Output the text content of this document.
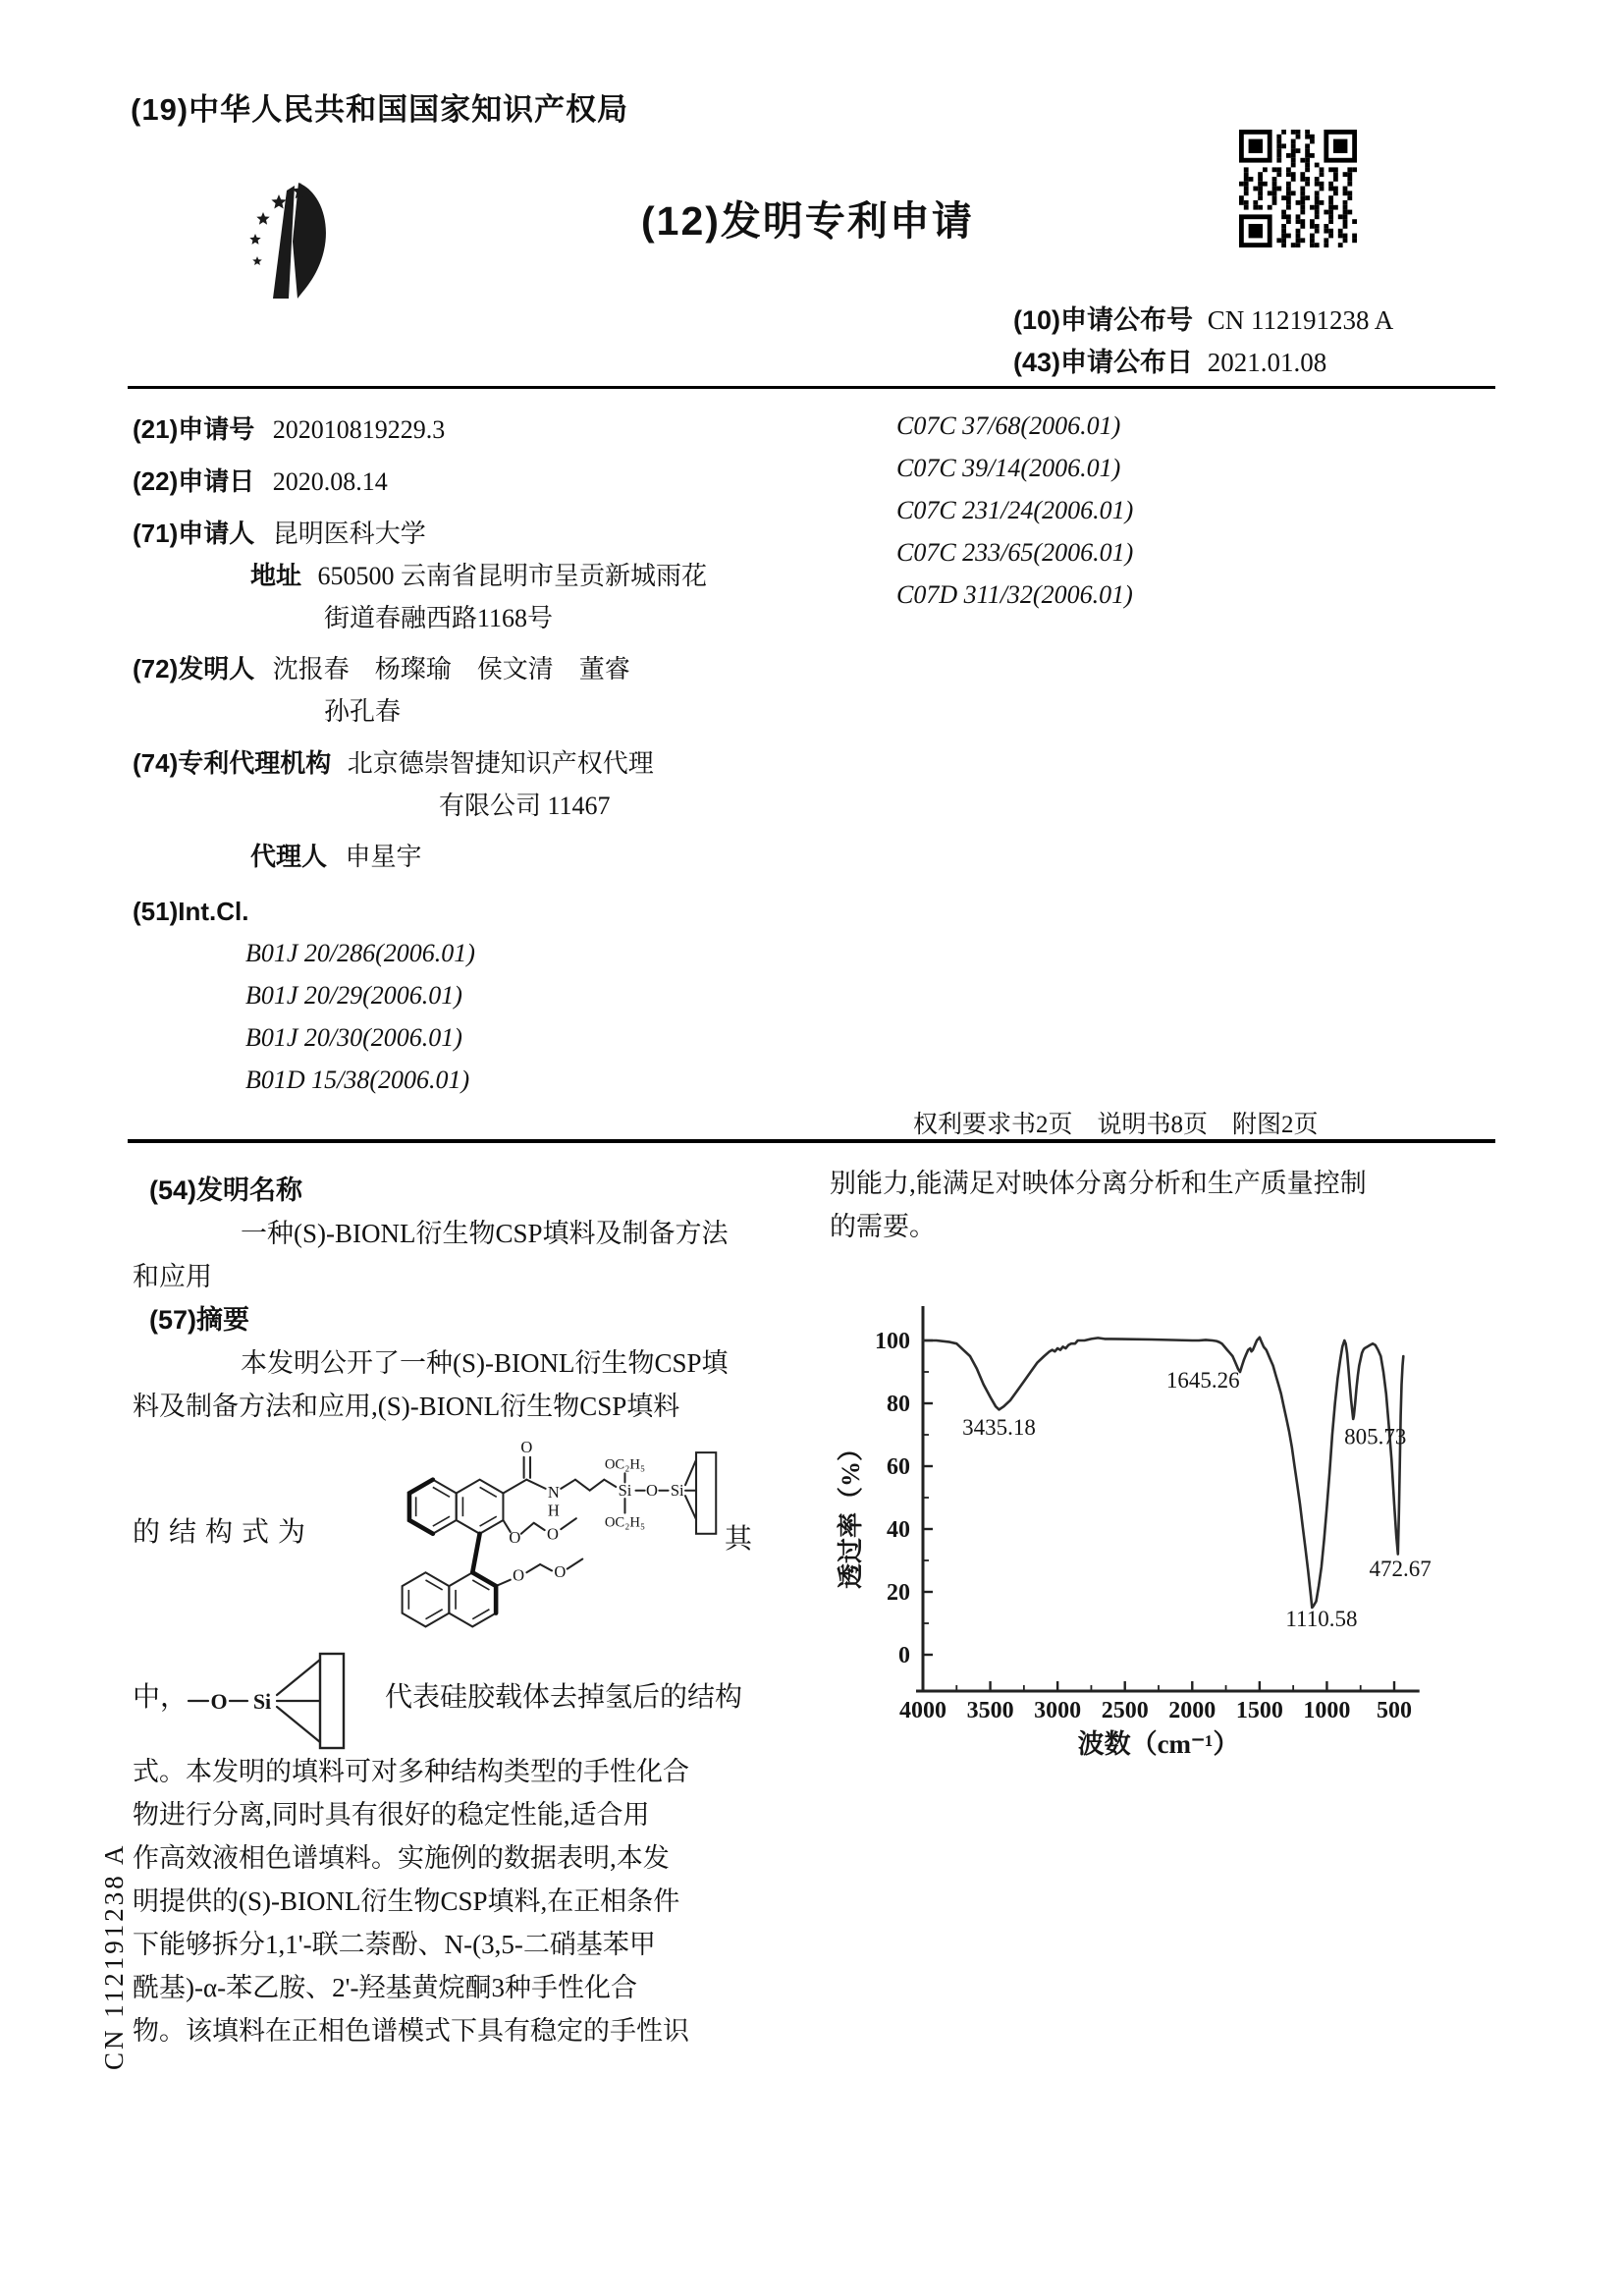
(19)中华人民共和国国家知识产权局
(12)发明专利申请
(10)申请公布号 CN 112191238 A
(43)申请公布日 2021.01.08
(21)申请号 202010819229.3
(22)申请日 2020.08.14
(71)申请人 昆明医科大学
地址 650500 云南省昆明市呈贡新城雨花
街道春融西路1168号
(72)发明人 沈报春　杨璨瑜　侯文清　董睿
孙孔春
(74)专利代理机构 北京德崇智捷知识产权代理
有限公司 11467
代理人 申星宇
(51)Int.Cl.
B01J 20/286(2006.01)
B01J 20/29(2006.01)
B01J 20/30(2006.01)
B01D 15/38(2006.01)
C07C 37/68(2006.01)
C07C 39/14(2006.01)
C07C 231/24(2006.01)
C07C 233/65(2006.01)
C07D 311/32(2006.01)
权利要求书2页　说明书8页　附图2页
(54)发明名称
一种(S)-BIONL衍生物CSP填料及制备方法
和应用
(57)摘要
本发明公开了一种(S)-BIONL衍生物CSP填
料及制备方法和应用,(S)-BIONL衍生物CSP填料
的结构式为
O
N
H
Si O Si
OC₂H₅
OC₂H₅
O O
O O
其
中， O Si	代表硅胶载体去掉氢后的结构
式。本发明的填料可对多种结构类型的手性化合
物进行分离,同时具有很好的稳定性能,适合用
作高效液相色谱填料。实施例的数据表明,本发
明提供的(S)-BIONL衍生物CSP填料,在正相条件
下能够拆分1,1'-联二萘酚、N-(3,5-二硝基苯甲
酰基)-α-苯乙胺、2'-羟基黄烷酮3种手性化合
物。该填料在正相色谱模式下具有稳定的手性识
别能力,能满足对映体分离分析和生产质量控制
的需要。
0
20
40
60
80
100
4000 3500 3000 2500 2000 1500 1000 500
3435.18
1645.26
805.73
1110.58
472.67
透过率（%）
波数（cm⁻¹）
CN 112191238 A
